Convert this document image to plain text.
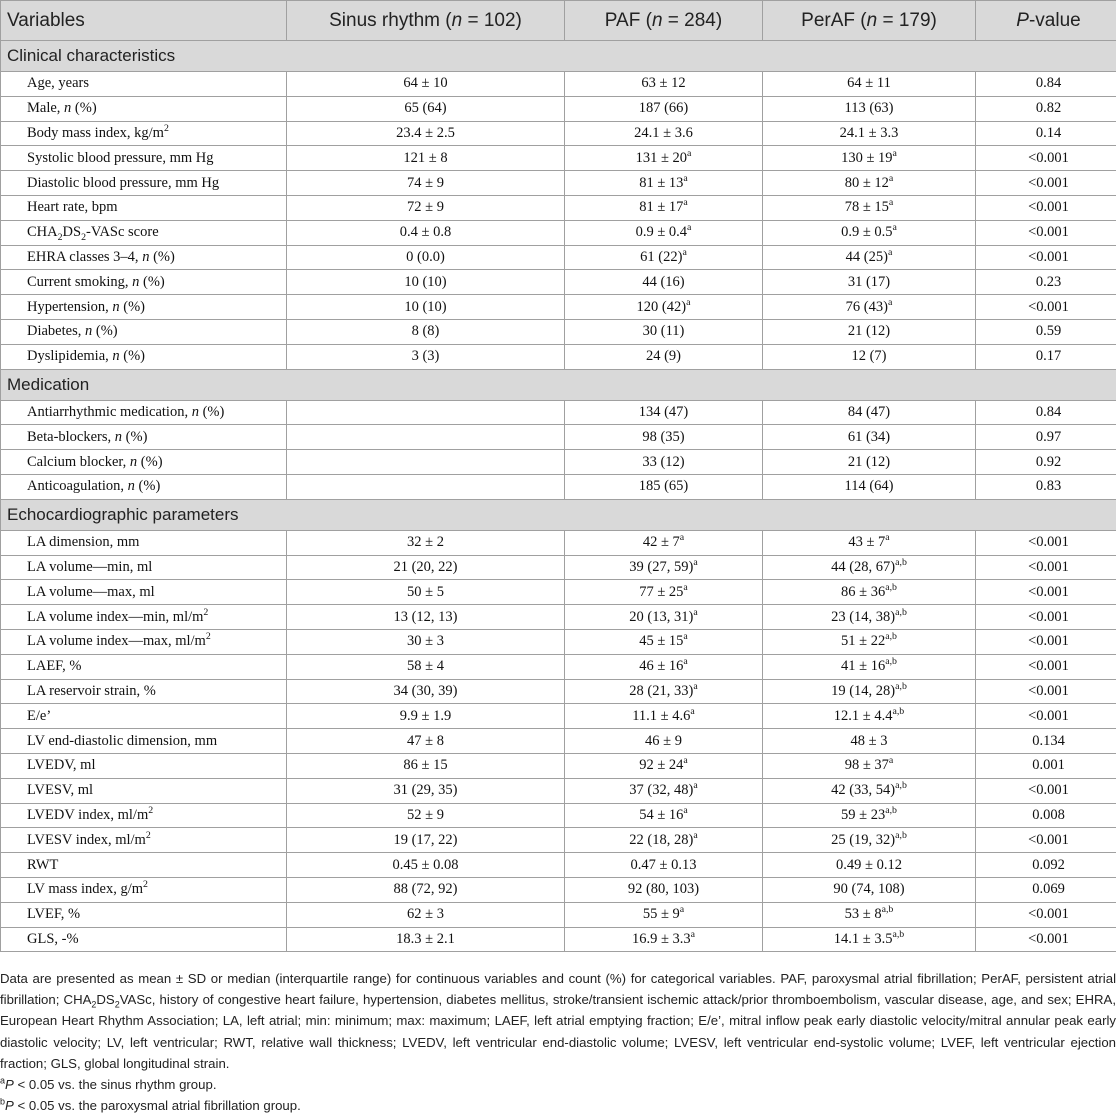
Variables	Sinus rhythm (n = 102)	PAF (n = 284)	PerAF (n = 179)	P-value
Clinical characteristics				
Age, years	64 ± 10	63 ± 12	64 ± 11	0.84
Male, n (%)	65 (64)	187 (66)	113 (63)	0.82
Body mass index, $kg/m^2$	23.4 ± 2.5	24.1 ± 3.6	24.1 ± 3.3	0.14
Systolic blood pressure, mm Hg	121 ± 8	$131 \pm 20^a$	$130 \pm 19^a$	<0.001
Diastolic blood pressure, mm Hg	74 ± 9	$81 \pm 13^a$	$80 \pm 12^a$	<0.001
Heart rate, bpm	72 ± 9	$81 \pm 17^a$	$78 \pm 15^a$	<0.001
$CHA_2DS_2$-VASc score	0.4 ± 0.8	0.9 ± 0.4$^a$	0.9 ± 0.5$^a$	<0.001
EHRA classes 3–4, n (%)	0 (0.0)	61 $(22)^a$	44 $(25)^a$	<0.001
Current smoking, n (%)	10 (10)	44 (16)	31 (17)	0.23
Hypertension, n (%)	10 (10)	120 $(42)^a$	76 $(43)^a$	<0.001
Diabetes, n (%)	8 (8)	30 (11)	21 (12)	0.59
Dyslipidemia, n (%)	3 (3)	24 (9)	12 (7)	0.17
Medication				
Antiarrhythmic medication, n (%)		134 (47)	84 (47)	0.84
Beta-blockers, n (%)		98 (35)	61 (34)	0.97
Calcium blocker, n (%)		33 (12)	21 (12)	0.92
Anticoagulation, n (%)		185 (65)	114 (64)	0.83
Echocardiographic parameters				
LA dimension, mm	32 ± 2	$42 \pm 7^a$	$43 \pm 7^a$	<0.001
LA volume—min, ml	21 (20, 22)	39 (27, 59)$^a$	44 (28, 67)$^{a,b}$	<0.001
LA volume—max, ml	50 ± 5	$77 \pm 25^a$	$86 \pm 36^{a,b}$	<0.001
LA volume index—min, $ml/m^2$	13 (12, 13)	20 (13, 31)$^a$	23 (14, 38)$^{a,b}$	<0.001
LA volume index—max, $ml/m^2$	30 ± 3	$45 \pm 15^a$	$51 \pm 22^{a,b}$	<0.001
LAEF, %	58 ± 4	$46 \pm 16^a$	$41 \pm 16^{a,b}$	<0.001
LA reservoir strain, %	34 (30, 39)	28 (21, 33)$^a$	19 (14, 28)$^{a,b}$	<0.001
E/e’	9.9 ± 1.9	11.1 ± 4.6$^a$	$12.1 \pm 4.4^{a,b}$	<0.001
LV end-diastolic dimension, mm	47 ± 8	46 ± 9	48 ± 3	0.134
LVEDV, ml	86 ± 15	$92 \pm 24^a$	$98 \pm 37^a$	0.001
LVESV, ml	31 (29, 35)	37 (32, 48)$^a$	42 (33, 54)$^{a,b}$	<0.001
LVEDV index, $ml/m^2$	52 ± 9	$54 \pm 16^a$	$59 \pm 23^{a,b}$	0.008
LVESV index, $ml/m^2$	19 (17, 22)	22 (18, 28)$^a$	25 (19, 32)$^{a,b}$	<0.001
RWT	0.45 ± 0.08	0.47 ± 0.13	0.49 ± 0.12	0.092
LV mass index, $g/m^2$	88 (72, 92)	92 (80, 103)	90 (74, 108)	0.069
LVEF, %	62 ± 3	$55 \pm 9^a$	$53 \pm 8^{a,b}$	<0.001
GLS, -%	18.3 ± 2.1	16.9 ± 3.3$^a$	$14.1 \pm 3.5^{a,b}$	<0.001

Data are presented as mean ± SD or median (interquartile range) for continuous variables and count (%) for categorical variables. PAF, paroxysmal atrial fibrillation; PerAF, persistent atrial fibrillation; $CHA_2DS_2VASc$, history of congestive heart failure, hypertension, diabetes mellitus, stroke/transient ischemic attack/prior thromboembolism, vascular disease, age, and sex; EHRA, European Heart Rhythm Association; LA, left atrial; min: minimum; max: maximum; LAEF, left atrial emptying fraction; E/e’, mitral inflow peak early diastolic velocity/mitral annular peak early diastolic velocity; LV, left ventricular; RWT, relative wall thickness; LVEDV, left ventricular end-diastolic volume; LVESV, left ventricular end-systolic volume; LVEF, left ventricular ejection fraction; GLS, global longitudinal strain.

$^a$P < 0.05 vs. the sinus rhythm group.

$^b$P < 0.05 vs. the paroxysmal atrial fibrillation group.
